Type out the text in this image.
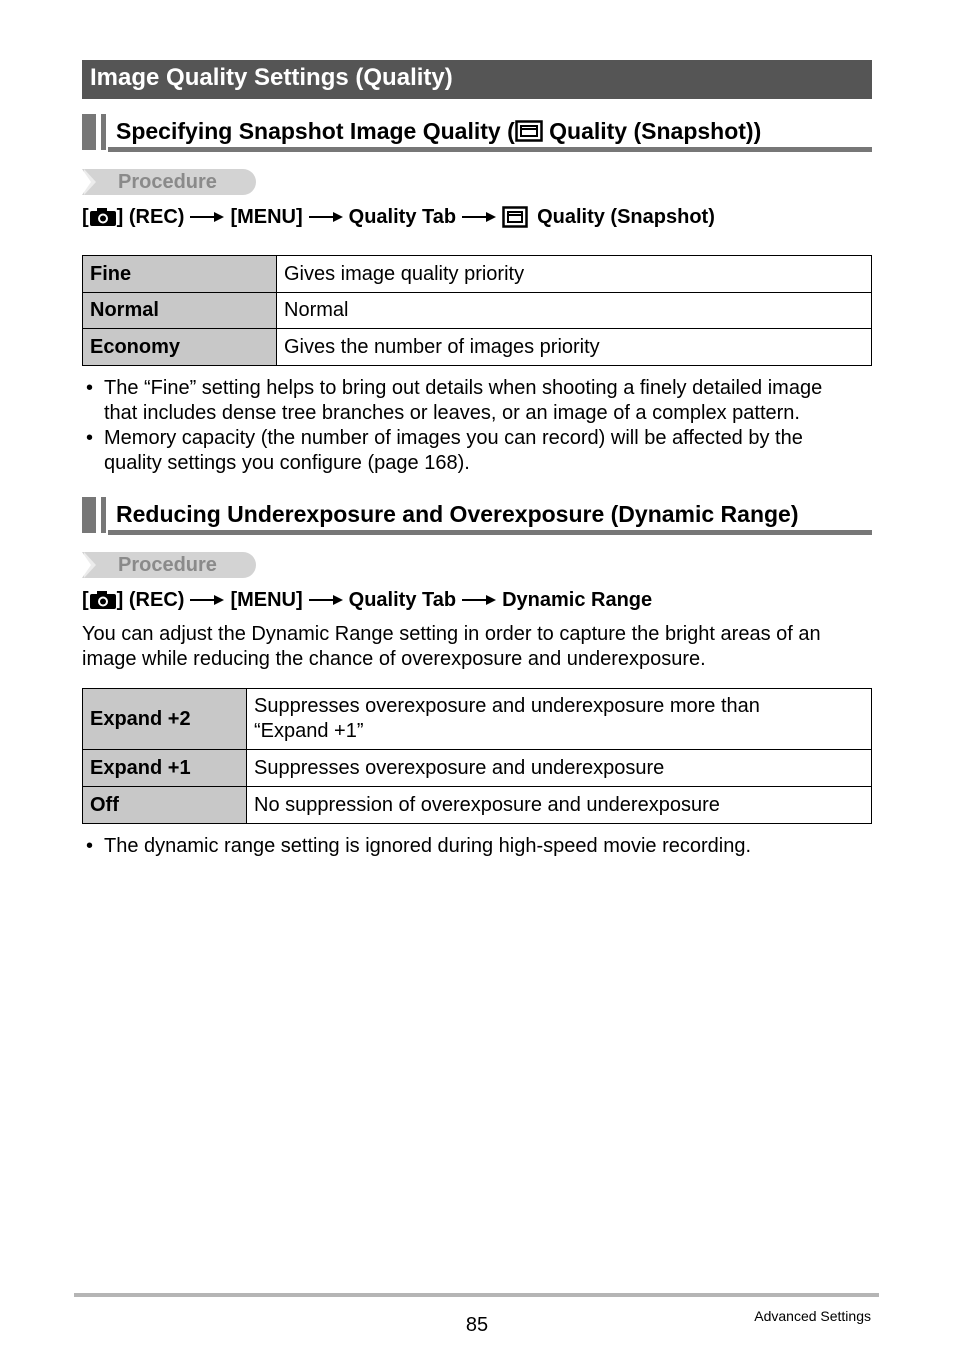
Image Quality Settings (Quality)
Specifying Snapshot Image Quality ( Quality (Snapshot))
Procedure
[ ] (REC) [MENU] Quality Tab	Quality (Snapshot)
Fine	Gives image quality priority
Normal	Normal
Economy	Gives the number of images priority
• The “Fine” setting helps to bring out details when shooting a finely detailed image
that includes dense tree branches or leaves, or an image of a complex pattern.
• Memory capacity (the number of images you can record) will be affected by the
quality settings you configure (page 168).
Reducing Underexposure and Overexposure (Dynamic Range)
Procedure
[ ] (REC) [MENU] Quality Tab Dynamic Range
You can adjust the Dynamic Range setting in order to capture the bright areas of an
image while reducing the chance of overexposure and underexposure.
Expand +2	Suppresses overexposure and underexposure more than
“Expand +1”

Expand +1	Suppresses overexposure and underexposure
Off	No suppression of overexposure and underexposure
• The dynamic range setting is ignored during high-speed movie recording.
85	Advanced Settings
